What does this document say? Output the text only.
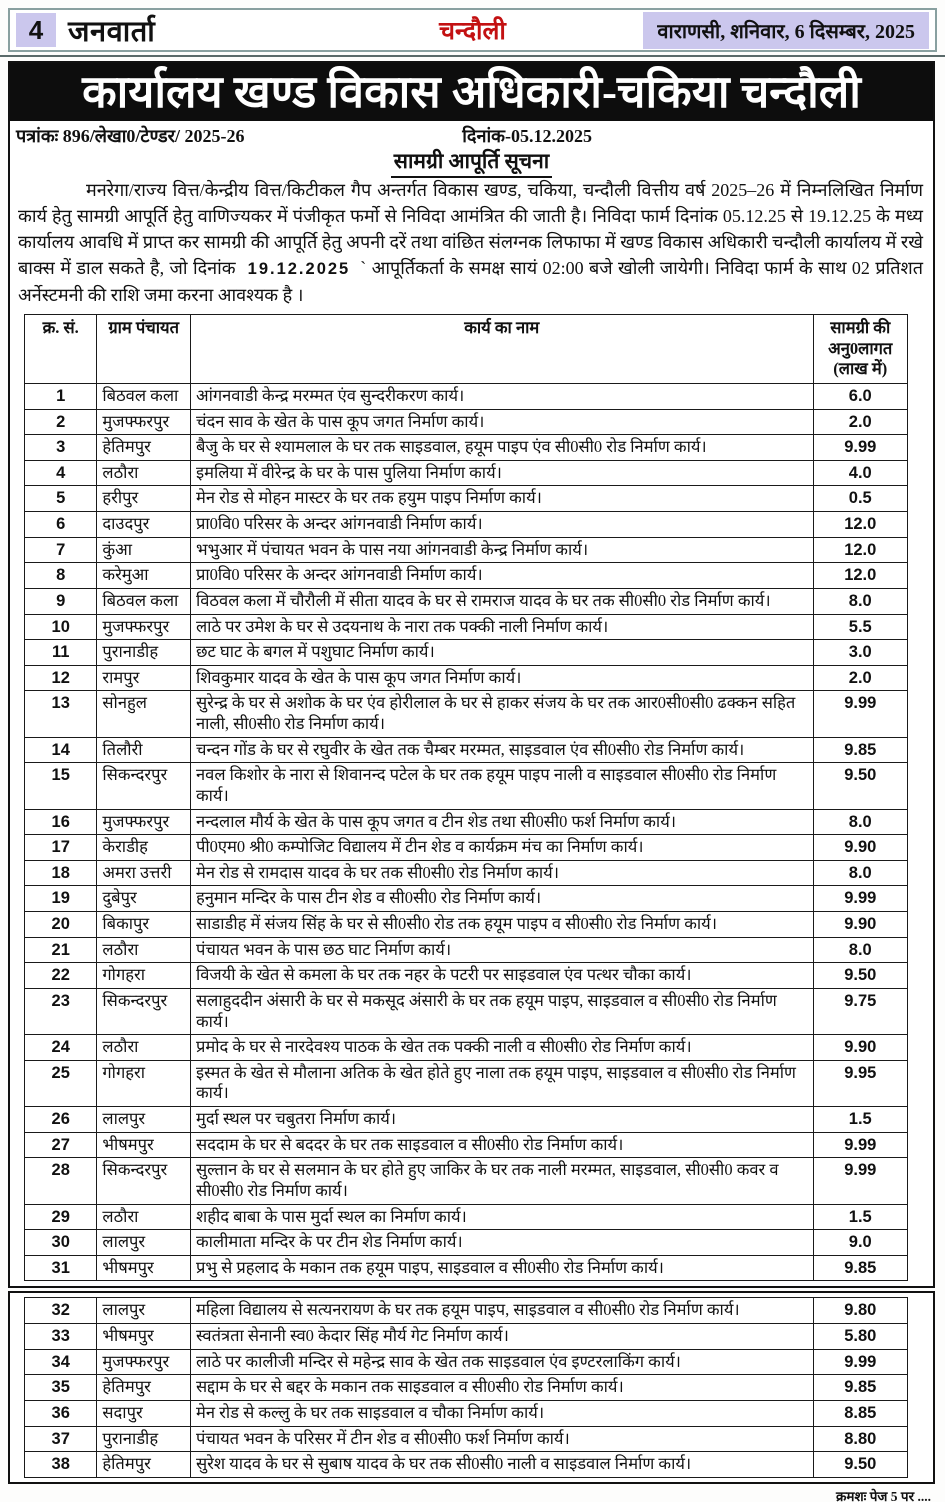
4 जनवार्ता	चन्दौली	वाराणसी, शनिवार, 6 दिसम्बर, 2025
कार्यालय खण्ड विकास अधिकारी-चकिया चन्दौली
पत्रांकः 896/लेखा0/टेण्डर/ 2025-26	दिनांक-05.12.2025
सामग्री आपूर्ति सूचना

मनरेगा/राज्य वित्त/केन्द्रीय वित्त/किटीकल गैप अन्तर्गत विकास खण्ड, चकिया, चन्दौली वित्तीय वर्ष 2025–26 में निम्नलिखित निर्माण कार्य हेतु सामग्री आपूर्ति हेतु वाणिज्यकर में पंजीकृत फर्मो से निविदा आमंत्रित की जाती है। निविदा फार्म दिनांक 05.12.25 से 19.12.25 के मध्य कार्यालय आवधि में प्राप्त कर सामग्री की आपूर्ति हेतु अपनी दरें तथा वांछित संलग्नक लिफाफा में खण्ड विकास अधिकारी चन्दौली कार्यालय में रखे बाक्स में डाल सकते है, जो दिनांक 19.12.2025 ` आपूर्तिकर्ता के समक्ष सायं 02:00 बजे खोली जायेगी। निविदा फार्म के साथ 02 प्रतिशत अर्नेस्टमनी की राशि जमा करना आवश्यक है ।

क्र. सं.	ग्राम पंचायत	कार्य का नाम	सामग्री की अनु0लागत (लाख में)
1	बिठवल कला	आंगनवाडी केन्द्र मरम्मत एंव सुन्दरीकरण कार्य।	6.0
2	मुजफ्फरपुर	चंदन साव के खेत के पास कूप जगत निर्माण कार्य।	2.0
3	हेतिमपुर	बैजु के घर से श्यामलाल के घर तक साइडवाल, हयूम पाइप एंव सी0सी0 रोड निर्माण कार्य।	9.99
4	लठौरा	इमलिया में वीरेन्द्र के घर के पास पुलिया निर्माण कार्य।	4.0
5	हरीपुर	मेन रोड से मोहन मास्टर के घर तक हयुम पाइप निर्माण कार्य।	0.5
6	दाउदपुर	प्रा0वि0 परिसर के अन्दर आंगनवाडी निर्माण कार्य।	12.0
7	कुंआ	भभुआर में पंचायत भवन के पास नया आंगनवाडी केन्द्र निर्माण कार्य।	12.0
8	करेमुआ	प्रा0वि0 परिसर के अन्दर आंगनवाडी निर्माण कार्य।	12.0
9	बिठवल कला	विठवल कला में चौरौली में सीता यादव के घर से रामराज यादव के घर तक सी0सी0 रोड निर्माण कार्य।	8.0
10	मुजफ्फरपुर	लाठे पर उमेश के घर से उदयनाथ के नारा तक पक्की नाली निर्माण कार्य।	5.5
11	पुरानाडीह	छट घाट के बगल में पशुघाट निर्माण कार्य।	3.0
12	रामपुर	शिवकुमार यादव के खेत के पास कूप जगत निर्माण कार्य।	2.0
13	सोनहुल	सुरेन्द्र के घर से अशोक के घर एंव होरीलाल के घर से हाकर संजय के घर तक आर0सी0सी0 ढक्कन सहित नाली, सी0सी0 रोड निर्माण कार्य।	9.99
14	तिलौरी	चन्दन गोंड के घर से रघुवीर के खेत तक चैम्बर मरम्मत, साइडवाल एंव सी0सी0 रोड निर्माण कार्य।	9.85
15	सिकन्दरपुर	नवल किशोर के नारा से शिवानन्द पटेल के घर तक हयूम पाइप नाली व साइडवाल सी0सी0 रोड निर्माण कार्य।	9.50
16	मुजफ्फरपुर	नन्दलाल मौर्य के खेत के पास कूप जगत व टीन शेड तथा सी0सी0 फर्श निर्माण कार्य।	8.0
17	केराडीह	पी0एम0 श्री0 कम्पोजिट विद्यालय में टीन शेड व कार्यक्रम मंच का निर्माण कार्य।	9.90
18	अमरा उत्तरी	मेन रोड से रामदास यादव के घर तक सी0सी0 रोड निर्माण कार्य।	8.0
19	दुबेपुर	हनुमान मन्दिर के पास टीन शेड व सी0सी0 रोड निर्माण कार्य।	9.99
20	बिकापुर	साडाडीह में संजय सिंह के घर से सी0सी0 रोड तक हयूम पाइप व सी0सी0 रोड निर्माण कार्य।	9.90
21	लठौरा	पंचायत भवन के पास छठ घाट निर्माण कार्य।	8.0
22	गोगहरा	विजयी के खेत से कमला के घर तक नहर के पटरी पर साइडवाल एंव पत्थर चौका कार्य।	9.50
23	सिकन्दरपुर	सलाहुददीन अंसारी के घर से मकसूद अंसारी के घर तक हयूम पाइप, साइडवाल व सी0सी0 रोड निर्माण कार्य।	9.75
24	लठौरा	प्रमोद के घर से नारदेवश्य पाठक के खेत तक पक्की नाली व सी0सी0 रोड निर्माण कार्य।	9.90
25	गोगहरा	इस्मत के खेत से मौलाना अतिक के खेत होते हुए नाला तक हयूम पाइप, साइडवाल व सी0सी0 रोड निर्माण कार्य।	9.95
26	लालपुर	मुर्दा स्थल पर चबुतरा निर्माण कार्य।	1.5
27	भीषमपुर	सददाम के घर से बददर के घर तक साइडवाल व सी0सी0 रोड निर्माण कार्य।	9.99
28	सिकन्दरपुर	सुल्तान के घर से सलमान के घर होते हुए जाकिर के घर तक नाली मरम्मत, साइडवाल, सी0सी0 कवर व सी0सी0 रोड निर्माण कार्य।	9.99
29	लठौरा	शहीद बाबा के पास मुर्दा स्थल का निर्माण कार्य।	1.5
30	लालपुर	कालीमाता मन्दिर के पर टीन शेड निर्माण कार्य।	9.0
31	भीषमपुर	प्रभु से प्रहलाद के मकान तक हयूम पाइप, साइडवाल व सी0सी0 रोड निर्माण कार्य।	9.85
32	लालपुर	महिला विद्यालय से सत्यनरायण के घर तक हयूम पाइप, साइडवाल व सी0सी0 रोड निर्माण कार्य।	9.80
33	भीषमपुर	स्वतंत्रता सेनानी स्व0 केदार सिंह मौर्य गेट निर्माण कार्य।	5.80
34	मुजफ्फरपुर	लाठे पर कालीजी मन्दिर से महेन्द्र साव के खेत तक साइडवाल एंव इण्टरलाकिंग कार्य।	9.99
35	हेतिमपुर	सद्दाम के घर से बद्दर के मकान तक साइडवाल व सी0सी0 रोड निर्माण कार्य।	9.85
36	सदापुर	मेन रोड से कल्लु के घर तक साइडवाल व चौका निर्माण कार्य।	8.85
37	पुरानाडीह	पंचायत भवन के परिसर में टीन शेड व सी0सी0 फर्श निर्माण कार्य।	8.80
38	हेतिमपुर	सुरेश यादव के घर से सुबाष यादव के घर तक सी0सी0 नाली व साइडवाल निर्माण कार्य।	9.50
क्रमशः पेज 5 पर ....
